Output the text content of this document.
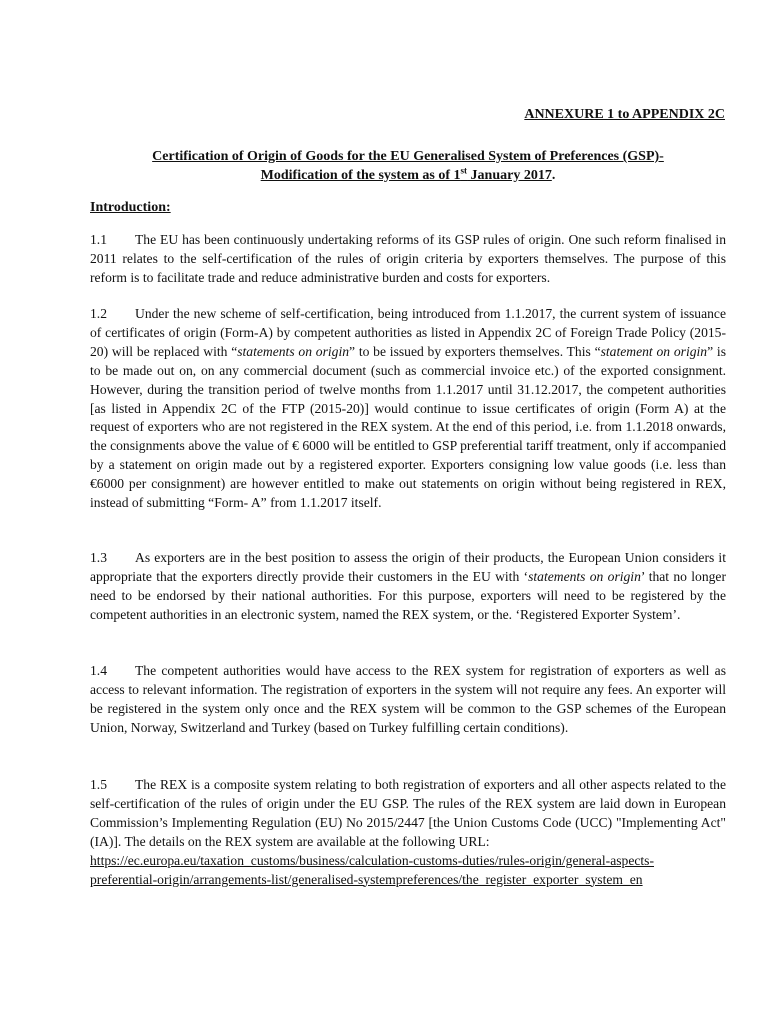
ANNEXURE 1 to APPENDIX 2C
Certification of Origin of Goods for the EU Generalised System of Preferences (GSP)-
Modification of the system as of 1st January 2017.
Introduction:

1.1 The EU has been continuously undertaking reforms of its GSP rules of origin. One such reform finalised in 2011 relates to the self-certification of the rules of origin criteria by exporters themselves. The purpose of this reform is to facilitate trade and reduce administrative burden and costs for exporters.

1.2 Under the new scheme of self-certification, being introduced from 1.1.2017, the current system of issuance of certificates of origin (Form-A) by competent authorities as listed in Appendix 2C of Foreign Trade Policy (2015-20) will be replaced with “statements on origin” to be issued by exporters themselves. This “statement on origin” is to be made out on, on any commercial document (such as commercial invoice etc.) of the exported consignment. However, during the transition period of twelve months from 1.1.2017 until 31.12.2017, the competent authorities [as listed in Appendix 2C of the FTP (2015-20)] would continue to issue certificates of origin (Form A) at the request of exporters who are not registered in the REX system. At the end of this period, i.e. from 1.1.2018 onwards, the consignments above the value of € 6000 will be entitled to GSP preferential tariff treatment, only if accompanied by a statement on origin made out by a registered exporter. Exporters consigning low value goods (i.e. less than €6000 per consignment) are however entitled to make out statements on origin without being registered in REX, instead of submitting “Form- A” from 1.1.2017 itself.

1.3 As exporters are in the best position to assess the origin of their products, the European Union considers it appropriate that the exporters directly provide their customers in the EU with ‘statements on origin’ that no longer need to be endorsed by their national authorities. For this purpose, exporters will need to be registered by the competent authorities in an electronic system, named the REX system, or the. ‘Registered Exporter System’.

1.4 The competent authorities would have access to the REX system for registration of exporters as well as access to relevant information. The registration of exporters in the system will not require any fees. An exporter will be registered in the system only once and the REX system will be common to the GSP schemes of the European Union, Norway, Switzerland and Turkey (based on Turkey fulfilling certain conditions).

1.5 The REX is a composite system relating to both registration of exporters and all other aspects related to the self-certification of the rules of origin under the EU GSP. The rules of the REX system are laid down in European Commission’s Implementing Regulation (EU) No 2015/2447 [the Union Customs Code (UCC) "Implementing Act"(IA)]. The details on the REX system are available at the following URL:
https://ec.europa.eu/taxation_customs/business/calculation-customs-duties/rules-origin/general-aspects-
preferential-origin/arrangements-list/generalised-systempreferences/the_register_exporter_system_en
